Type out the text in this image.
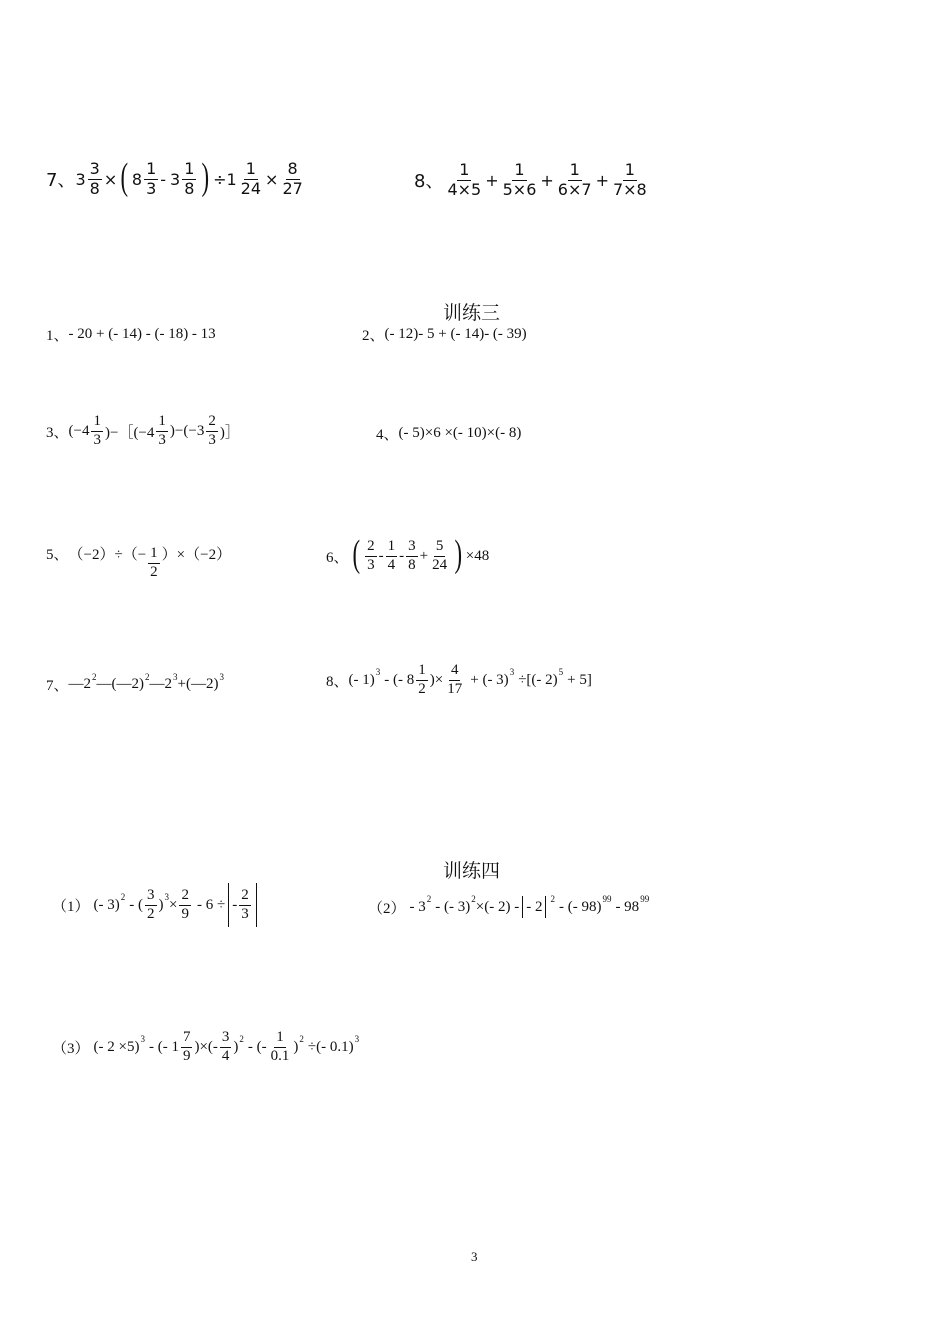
7、 $3 \frac{3}{8}$ × ( $8 \frac{1}{3} - 3 \frac{1}{8}$ ) $\div 1 \frac{1}{24} \times \frac{8}{27}$	8、 $\frac{1}{4\times 5} + \frac{1}{5\times 6} + \frac{1}{6\times 7} + \frac{1}{7\times 8}$
训练三
1、 - 20 + (- 14) - (- 18) - 13	2、 (- 12)- 5 + (- 14)- (- 39)
3、 ($-4 \frac{1}{3}$ )−［(−4 $\frac{1}{3} )-(-3 \frac{2}{3}$ )］	4、 (- 5)×6 ×(- 10)×(- 8)
5、 $(-2)\div(- \frac{1}{2} )\times(-2)$	6、 ( $\frac{2}{3} - \frac{1}{4} - \frac{3}{8} + \frac{5}{24}$ ) ×48
7、 —2 2 —(—2) 2 —2 3 +(—2) 3	8、 (- 1) 3 - (- $8 \frac{1}{2}$ )× $\frac{4}{17}$ + (- 3) 3 ÷[(- 2) 5 + 5]
训练四
（1） (- 3) 2 - ( $\frac{3}{2}$ ) $3 \times \frac{2}{9} - 6$ ÷ - $\frac{2}{3}$	（2） - 3 2 - (- 3) 2 ×(- 2) - - 2 2 - (- 98) 99 - 98 99
（3） (- 2 ×5) 3 - (- $1 \frac{7}{9}$ )×(- $\frac{3}{4}$ ) 2 - (- $\frac{1}{0.1}$ ) 2 ÷(- 0.1) 3
3
